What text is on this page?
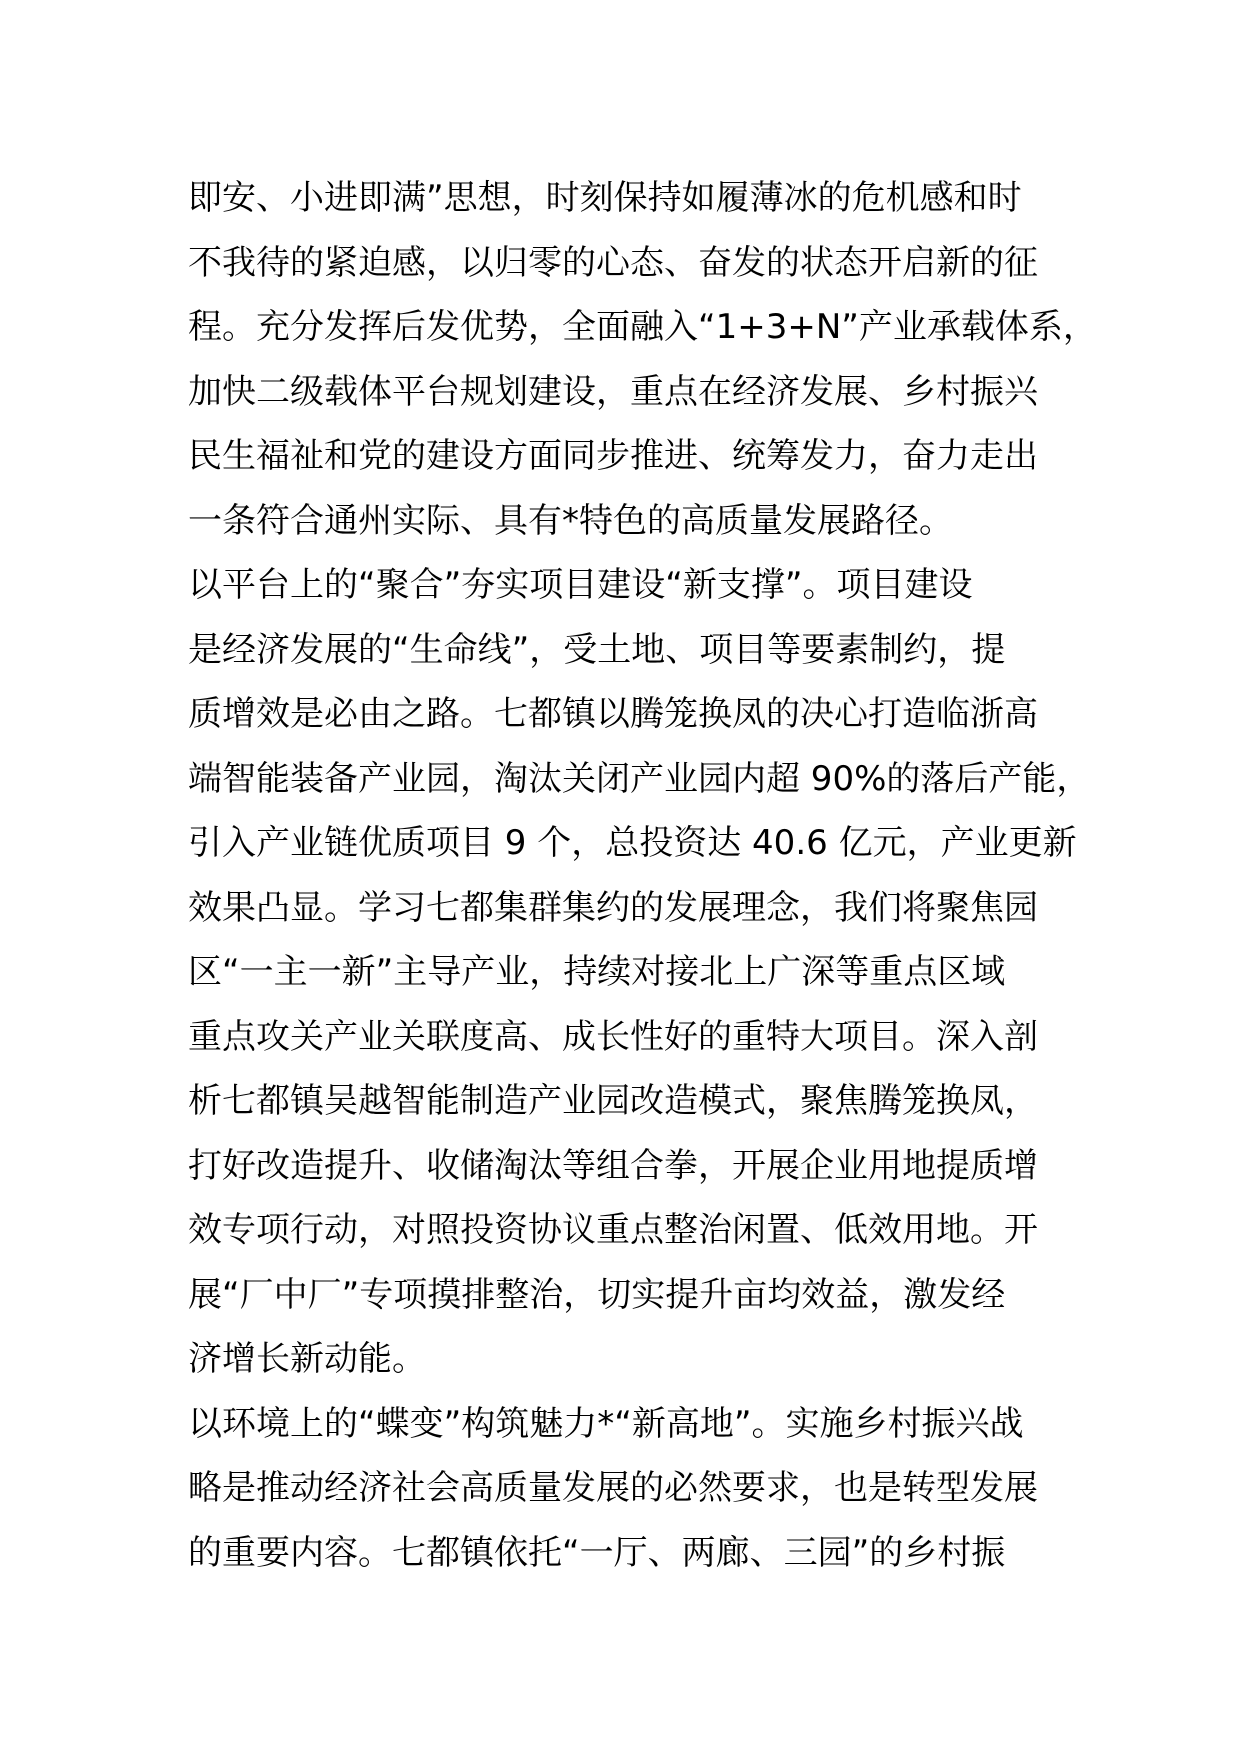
即安、小进即满”思想，时刻保持如履薄冰的危机感和时
不我待的紧迫感，以归零的心态、奋发的状态开启新的征
程。充分发挥后发优势，全面融入“1+3+N”产业承载体系，
加快二级载体平台规划建设，重点在经济发展、乡村振兴
民生福祉和党的建设方面同步推进、统筹发力，奋力走出
一条符合通州实际、具有*特色的高质量发展路径。
以平台上的“聚合”夯实项目建设“新支撑”。项目建设
是经济发展的“生命线”，受土地、项目等要素制约，提
质增效是必由之路。七都镇以腾笼换凤的决心打造临浙高
端智能装备产业园，淘汰关闭产业园内超 90%的落后产能，
引入产业链优质项目 9 个，总投资达 40.6 亿元，产业更新
效果凸显。学习七都集群集约的发展理念，我们将聚焦园
区“一主一新”主导产业，持续对接北上广深等重点区域
重点攻关产业关联度高、成长性好的重特大项目。深入剖
析七都镇吴越智能制造产业园改造模式，聚焦腾笼换凤，
打好改造提升、收储淘汰等组合拳，开展企业用地提质增
效专项行动，对照投资协议重点整治闲置、低效用地。开
展“厂中厂”专项摸排整治，切实提升亩均效益，激发经
济增长新动能。
以环境上的“蝶变”构筑魅力*“新高地”。实施乡村振兴战
略是推动经济社会高质量发展的必然要求，也是转型发展
的重要内容。七都镇依托“一厅、两廊、三园”的乡村振
